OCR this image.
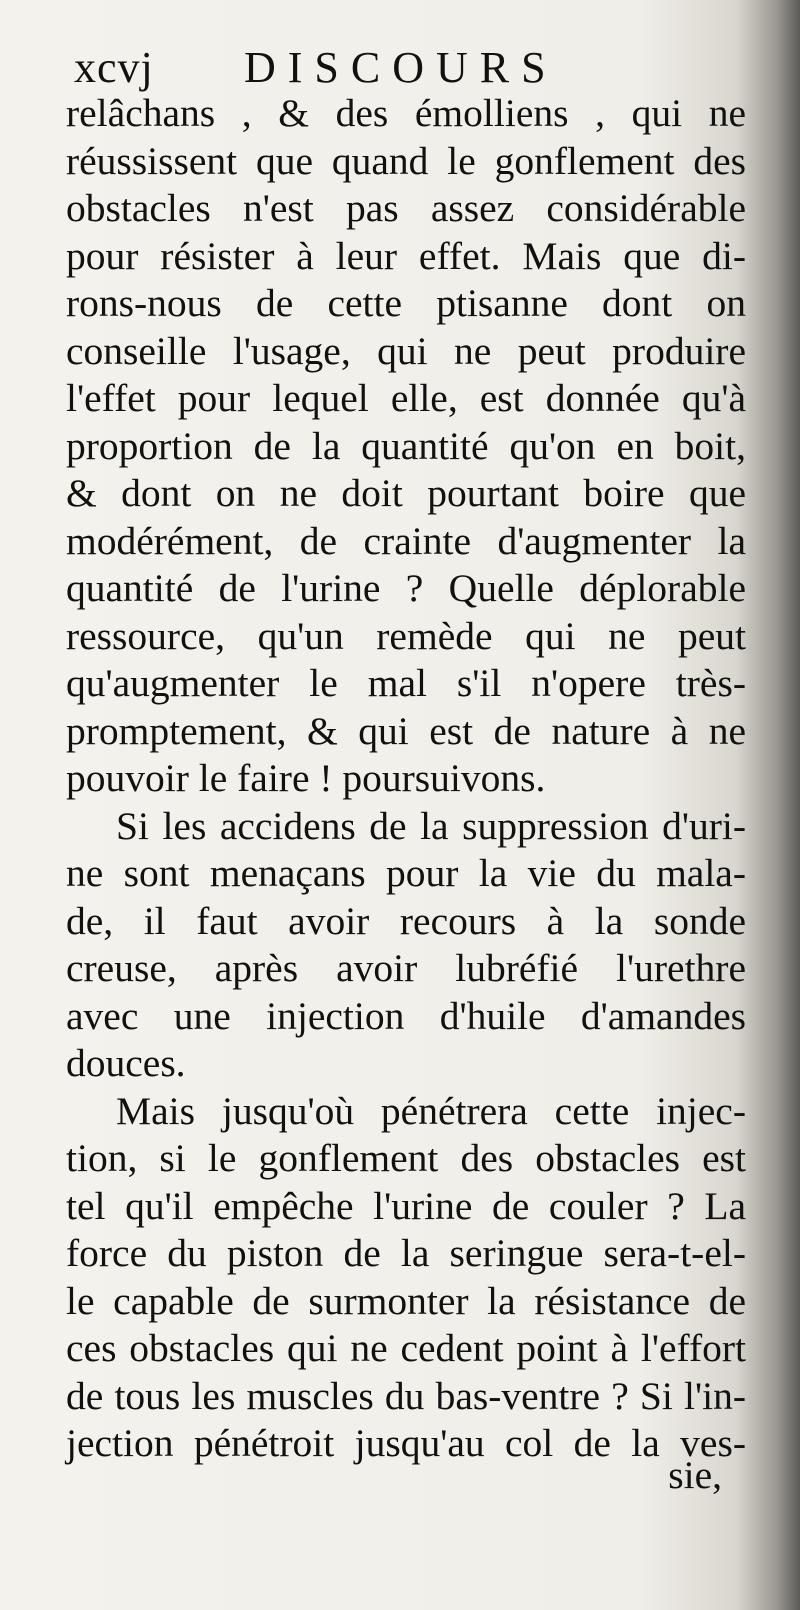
xcvj DISCOURS
relâchans , & des émolliens , qui ne
réussissent que quand le gonflement des
obstacles n'est pas assez considérable
pour résister à leur effet. Mais que di-
rons-nous de cette ptisanne dont on
conseille l'usage, qui ne peut produire
l'effet pour lequel elle, est donnée qu'à
proportion de la quantité qu'on en boit,
& dont on ne doit pourtant boire que
modérément, de crainte d'augmenter la
quantité de l'urine ? Quelle déplorable
ressource, qu'un remède qui ne peut
qu'augmenter le mal s'il n'opere très-
promptement, & qui est de nature à ne
pouvoir le faire ! poursuivons.
Si les accidens de la suppression d'uri-
ne sont menaçans pour la vie du mala-
de, il faut avoir recours à la sonde
creuse, après avoir lubréfié l'urethre
avec une injection d'huile d'amandes
douces.
Mais jusqu'où pénétrera cette injec-
tion, si le gonflement des obstacles est
tel qu'il empêche l'urine de couler ? La
force du piston de la seringue sera-t-el-
le capable de surmonter la résistance de
ces obstacles qui ne cedent point à l'effort
de tous les muscles du bas-ventre ? Si l'in-
jection pénétroit jusqu'au col de la ves-
sie,
